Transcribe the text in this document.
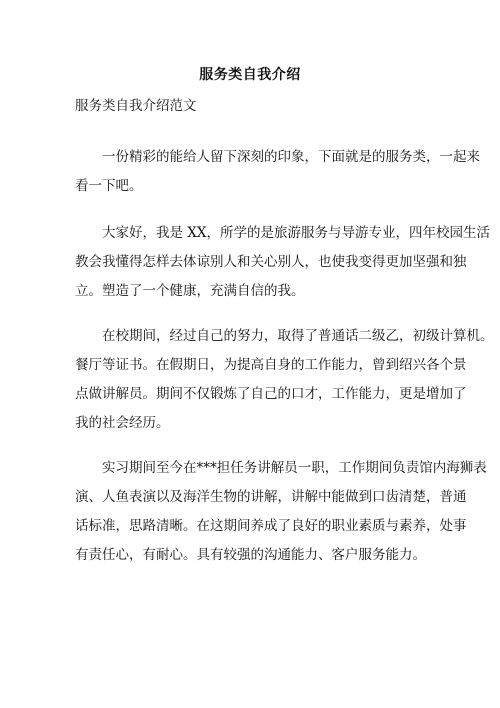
服务类自我介绍
服务类自我介绍范文

一份精彩的能给人留下深刻的印象，下面就是的服务类，一起来
看一下吧。

大家好，我是 XX，所学的是旅游服务与导游专业，四年校园生活
教会我懂得怎样去体谅别人和关心别人，也使我变得更加坚强和独
立。塑造了一个健康，充满自信的我。

在校期间，经过自己的努力，取得了普通话二级乙，初级计算机。
餐厅等证书。在假期日，为提高自身的工作能力，曾到绍兴各个景
点做讲解员。期间不仅锻炼了自己的口才，工作能力，更是增加了
我的社会经历。

实习期间至今在***担任务讲解员一职，工作期间负责馆内海狮表
演、人鱼表演以及海洋生物的讲解，讲解中能做到口齿清楚，普通
话标准，思路清晰。在这期间养成了良好的职业素质与素养，处事
有责任心，有耐心。具有较强的沟通能力、客户服务能力。
